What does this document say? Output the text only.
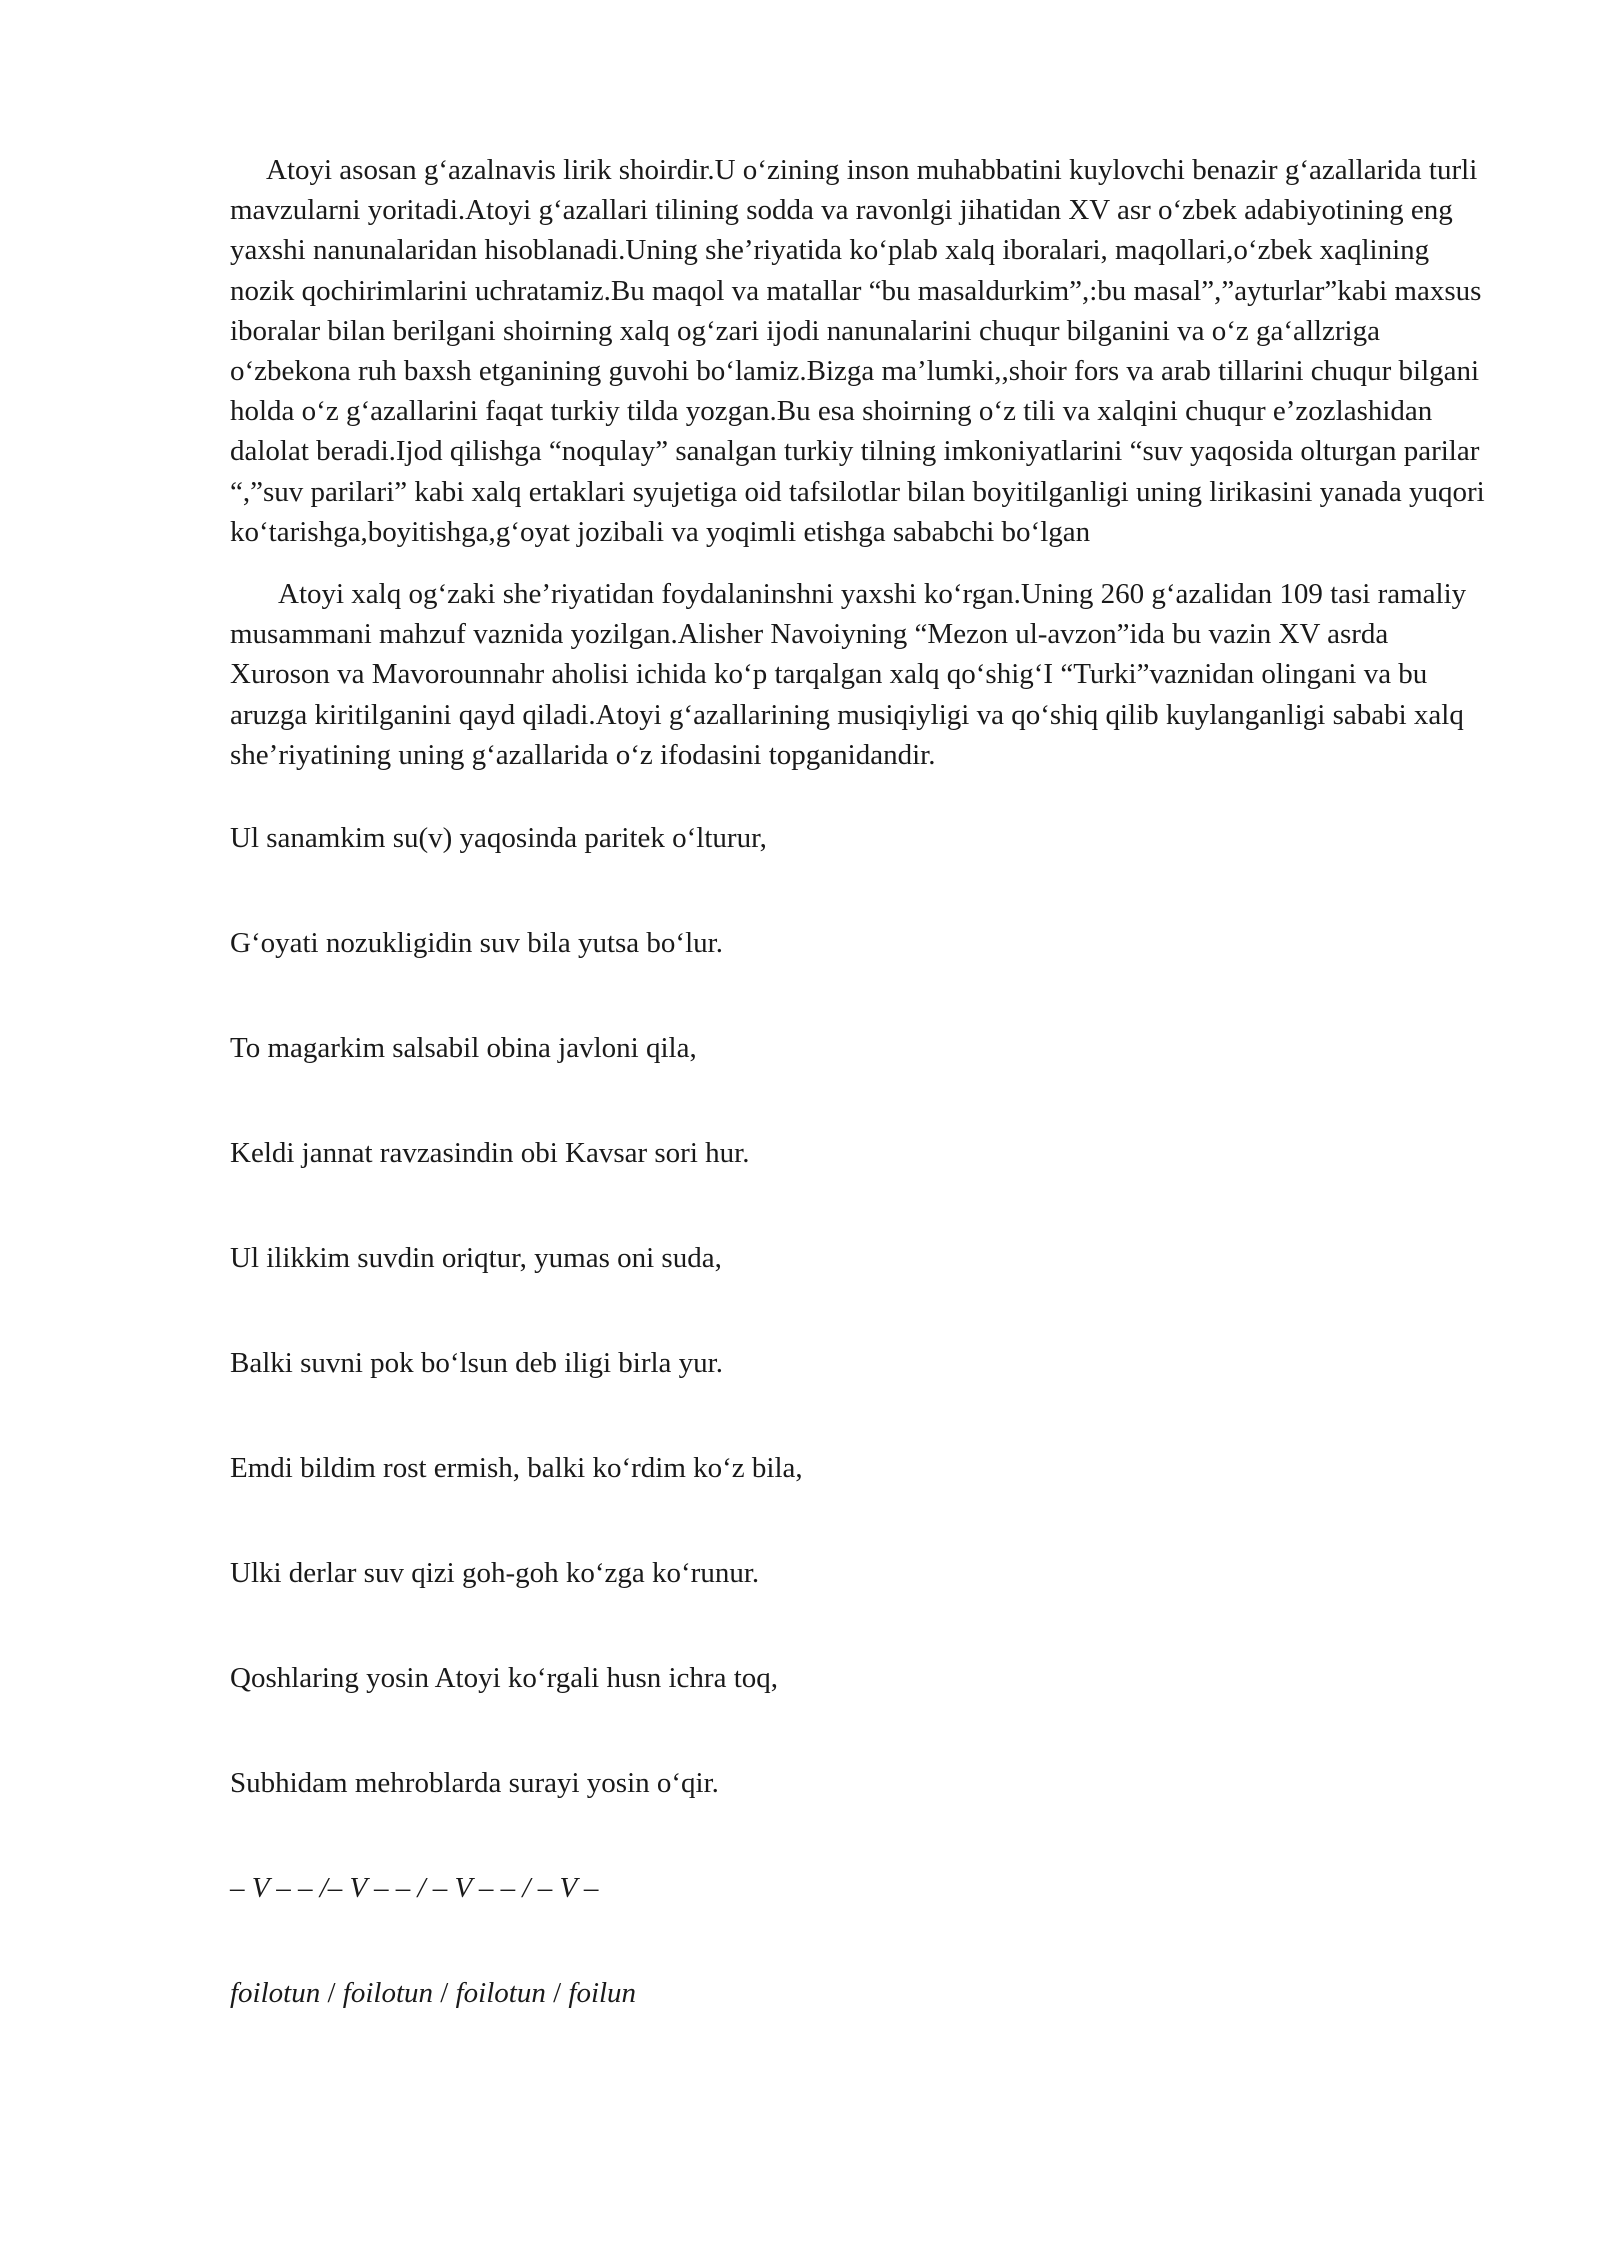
Atoyi asosan g‘azalnavis lirik shoirdir.U o‘zining inson muhabbatini kuylovchi benazir g‘azallarida turli mavzularni yoritadi.Atoyi g‘azallari tilining sodda va ravonlgi jihatidan XV asr o‘zbek adabiyotining eng yaxshi nanunalaridan hisoblanadi.Uning she’riyatida ko‘plab xalq iboralari, maqollari,o‘zbek xaqlining nozik qochirimlarini uchratamiz.Bu maqol va matallar “bu masaldurkim”,:bu masal”,”ayturlar”kabi maxsus iboralar bilan berilgani shoirning xalq og‘zari ijodi nanunalarini chuqur bilganini va o‘z ga‘allzriga o‘zbekona ruh baxsh etganining guvohi bo‘lamiz.Bizga ma’lumki,,shoir fors va arab tillarini chuqur bilgani holda o‘z g‘azallarini faqat turkiy tilda yozgan.Bu esa shoirning o‘z tili va xalqini chuqur e’zozlashidan dalolat beradi.Ijod qilishga “noqulay” sanalgan turkiy tilning imkoniyatlarini “suv yaqosida olturgan parilar “,”suv parilari” kabi xalq ertaklari syujetiga oid tafsilotlar bilan boyitilganligi uning lirikasini yanada yuqori ko‘tarishga,boyitishga,g‘oyat jozibali va yoqimli etishga sababchi bo‘lgan

Atoyi xalq og‘zaki she’riyatidan foydalaninshni yaxshi ko‘rgan.Uning 260 g‘azalidan 109 tasi ramaliy musammani mahzuf vaznida yozilgan.Alisher Navoiyning “Mezon ul-avzon”ida bu vazin XV asrda Xuroson va Mavorounnahr aholisi ichida ko‘p tarqalgan xalq qo‘shig‘I “Turki”vaznidan olingani va bu aruzga kiritilganini qayd qiladi.Atoyi g‘azallarining musiqiyligi va qo‘shiq qilib kuylanganligi sababi xalq she’riyatining uning g‘azallarida o‘z ifodasini topganidandir.

Ul sanamkim su(v) yaqosinda paritek o‘lturur,

G‘oyati nozukligidin suv bila yutsa bo‘lur.

To magarkim salsabil obina javloni qila,

Keldi jannat ravzasindin obi Kavsar sori hur.

Ul ilikkim suvdin oriqtur, yumas oni suda,

Balki suvni pok bo‘lsun deb iligi birla yur.

Emdi bildim rost ermish, balki ko‘rdim ko‘z bila,

Ulki derlar suv qizi goh-goh ko‘zga ko‘runur.

Qoshlaring yosin Atoyi ko‘rgali husn ichra toq,

Subhidam mehroblarda surayi yosin o‘qir.

– V – – /– V – – / – V – – / – V –

foilotun / foilotun / foilotun / foilun
